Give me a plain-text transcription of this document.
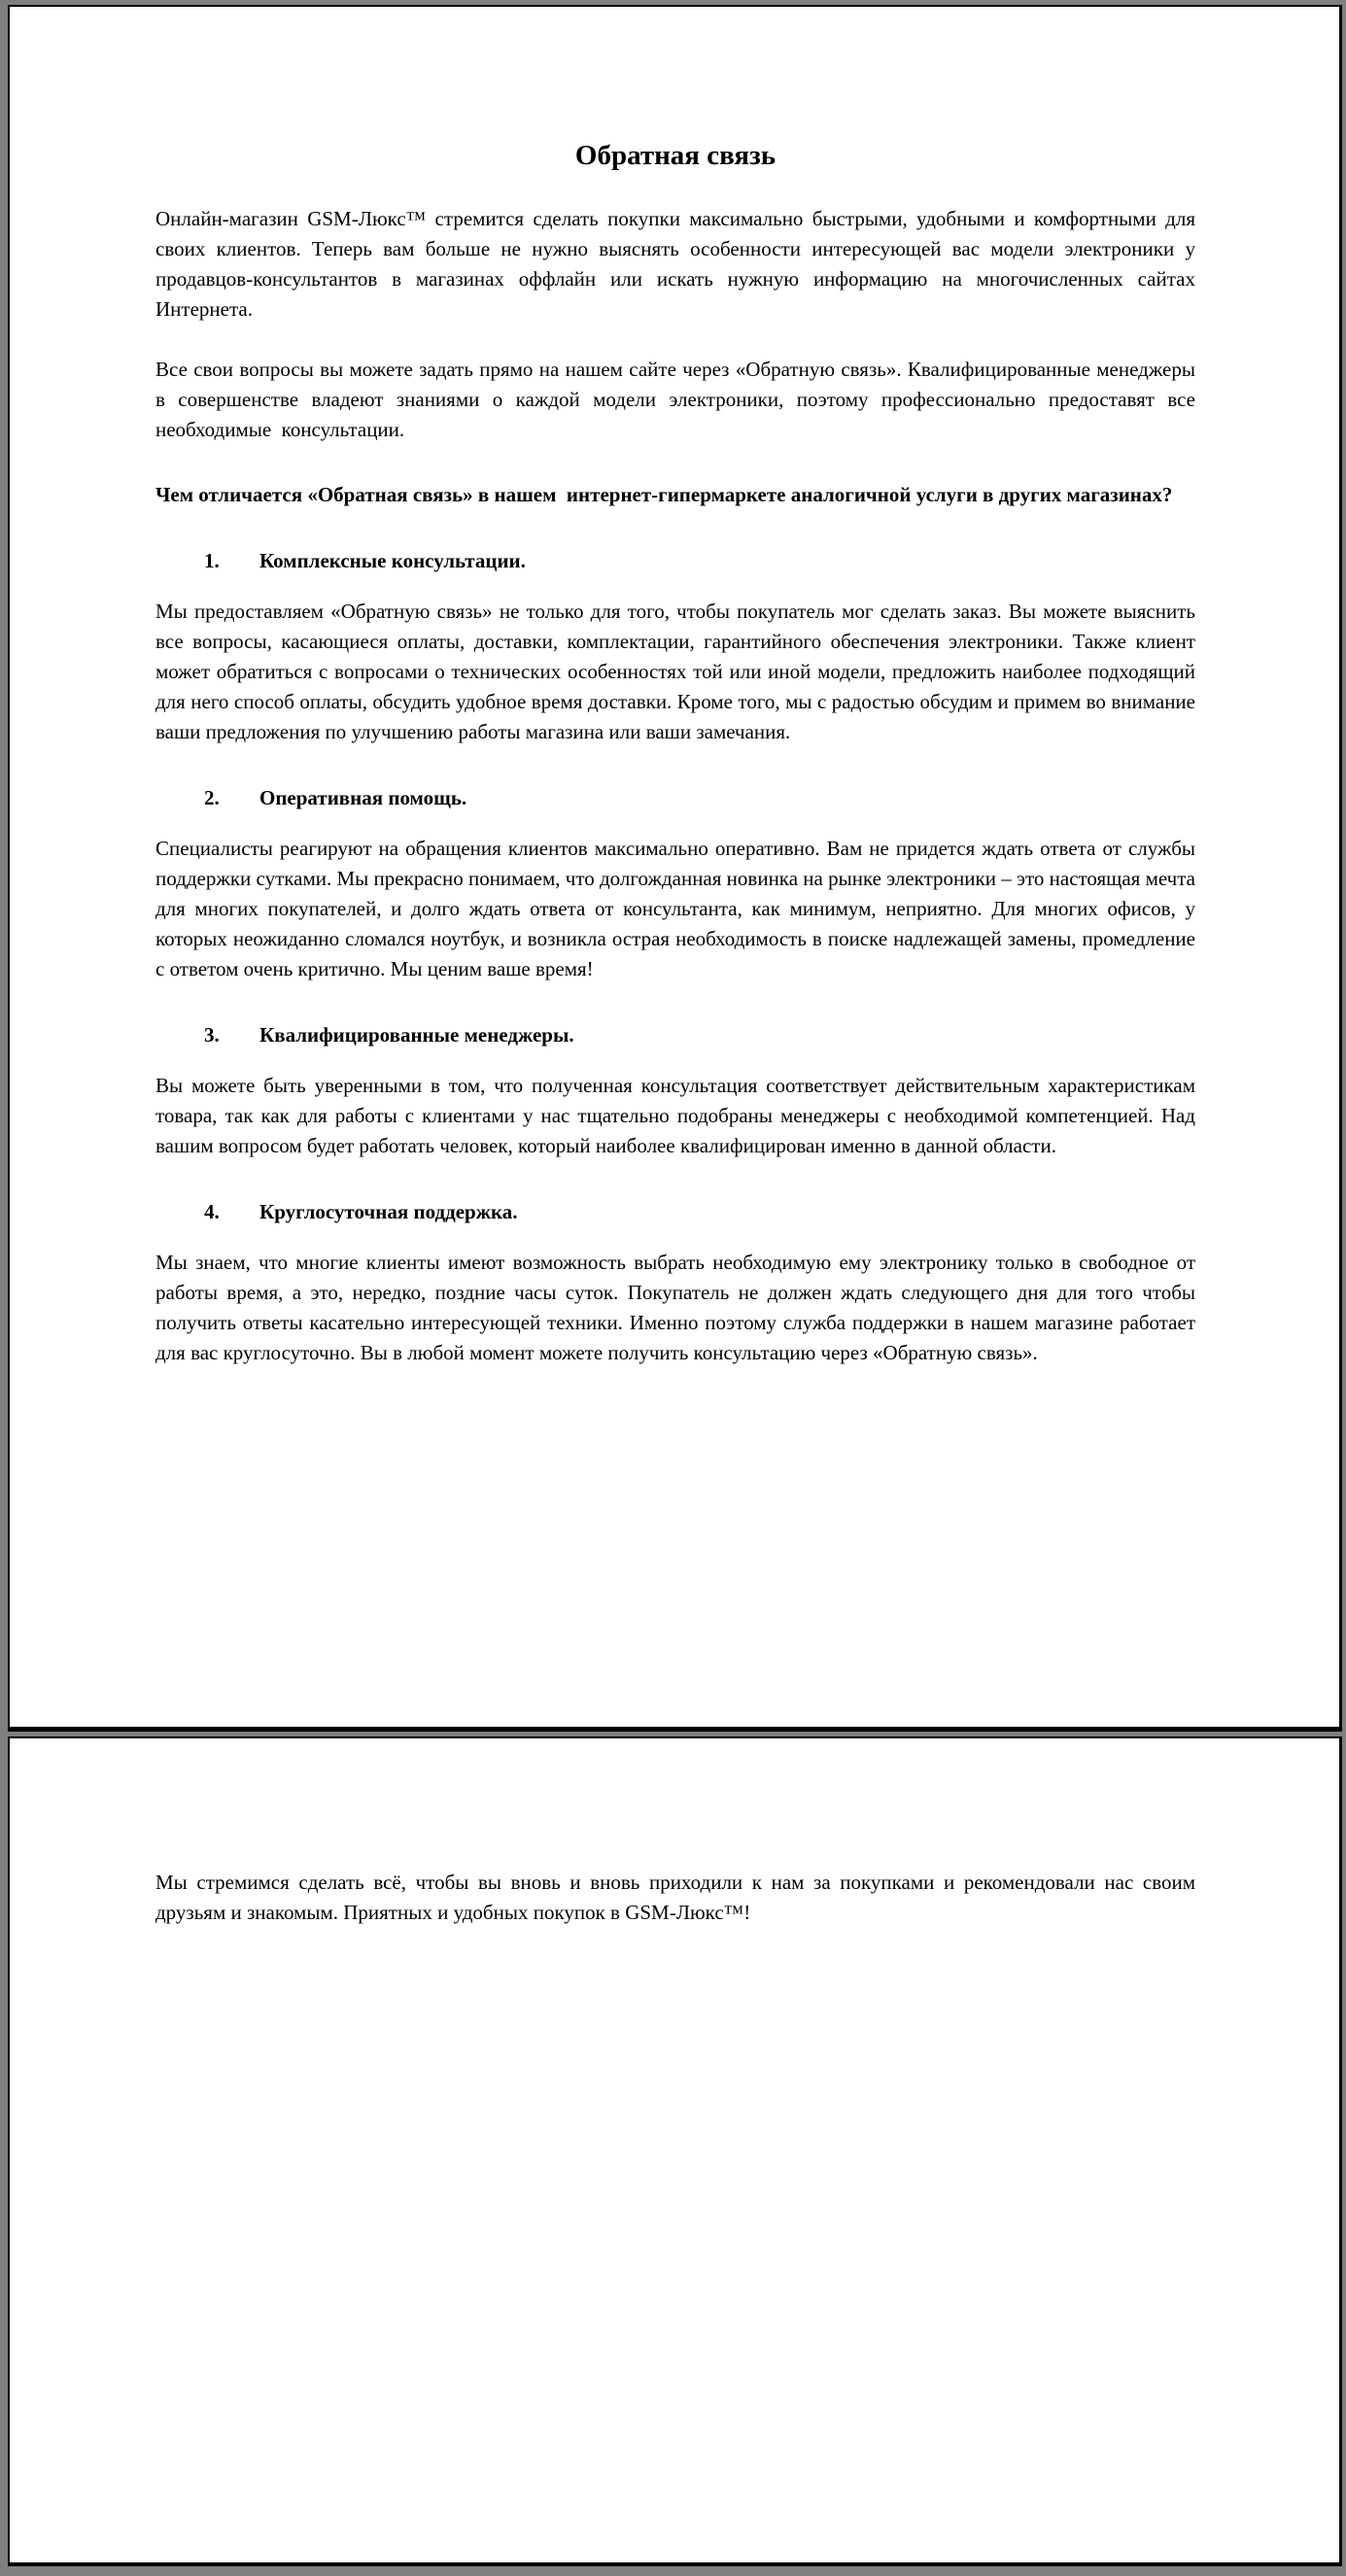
Обратная связь

Онлайн-магазин GSM-Люкс™ стремится сделать покупки максимально быстрыми, удобными и комфортными для своих клиентов. Теперь вам больше не нужно выяснять особенности интересующей вас модели электроники у продавцов-консультантов в магазинах оффлайн или искать нужную информацию на многочисленных сайтах Интернета.

Все свои вопросы вы можете задать прямо на нашем сайте через «Обратную связь». Квалифицированные менеджеры в совершенстве владеют знаниями о каждой модели электроники, поэтому профессионально предоставят все необходимые  консультации.

Чем отличается «Обратная связь» в нашем  интернет-гипермаркете аналогичной услуги в других магазинах?
1. Комплексные консультации.

Мы предоставляем «Обратную связь» не только для того, чтобы покупатель мог сделать заказ. Вы можете выяснить все вопросы, касающиеся оплаты, доставки, комплектации, гарантийного обеспечения электроники. Также клиент может обратиться с вопросами о технических особенностях той или иной модели, предложить наиболее подходящий для него способ оплаты, обсудить удобное время доставки. Кроме того, мы с радостью обсудим и примем во внимание ваши предложения по улучшению работы магазина или ваши замечания.

2. Оперативная помощь.

Специалисты реагируют на обращения клиентов максимально оперативно. Вам не придется ждать ответа от службы поддержки сутками. Мы прекрасно понимаем, что долгожданная новинка на рынке электроники – это настоящая мечта для многих покупателей, и долго ждать ответа от консультанта, как минимум, неприятно. Для многих офисов, у которых неожиданно сломался ноутбук, и возникла острая необходимость в поиске надлежащей замены, промедление с ответом очень критично. Мы ценим ваше время!

3. Квалифицированные менеджеры.

Вы можете быть уверенными в том, что полученная консультация соответствует действительным характеристикам товара, так как для работы с клиентами у нас тщательно подобраны менеджеры с необходимой компетенцией. Над вашим вопросом будет работать человек, который наиболее квалифицирован именно в данной области.

4. Круглосуточная поддержка.

Мы знаем, что многие клиенты имеют возможность выбрать необходимую ему электронику только в свободное от работы время, а это, нередко, поздние часы суток. Покупатель не должен ждать следующего дня для того чтобы получить ответы касательно интересующей техники. Именно поэтому служба поддержки в нашем магазине работает для вас круглосуточно. Вы в любой момент можете получить консультацию через «Обратную связь».

Мы стремимся сделать всё, чтобы вы вновь и вновь приходили к нам за покупками и рекомендовали нас своим друзьям и знакомым. Приятных и удобных покупок в GSM-Люкс™!
